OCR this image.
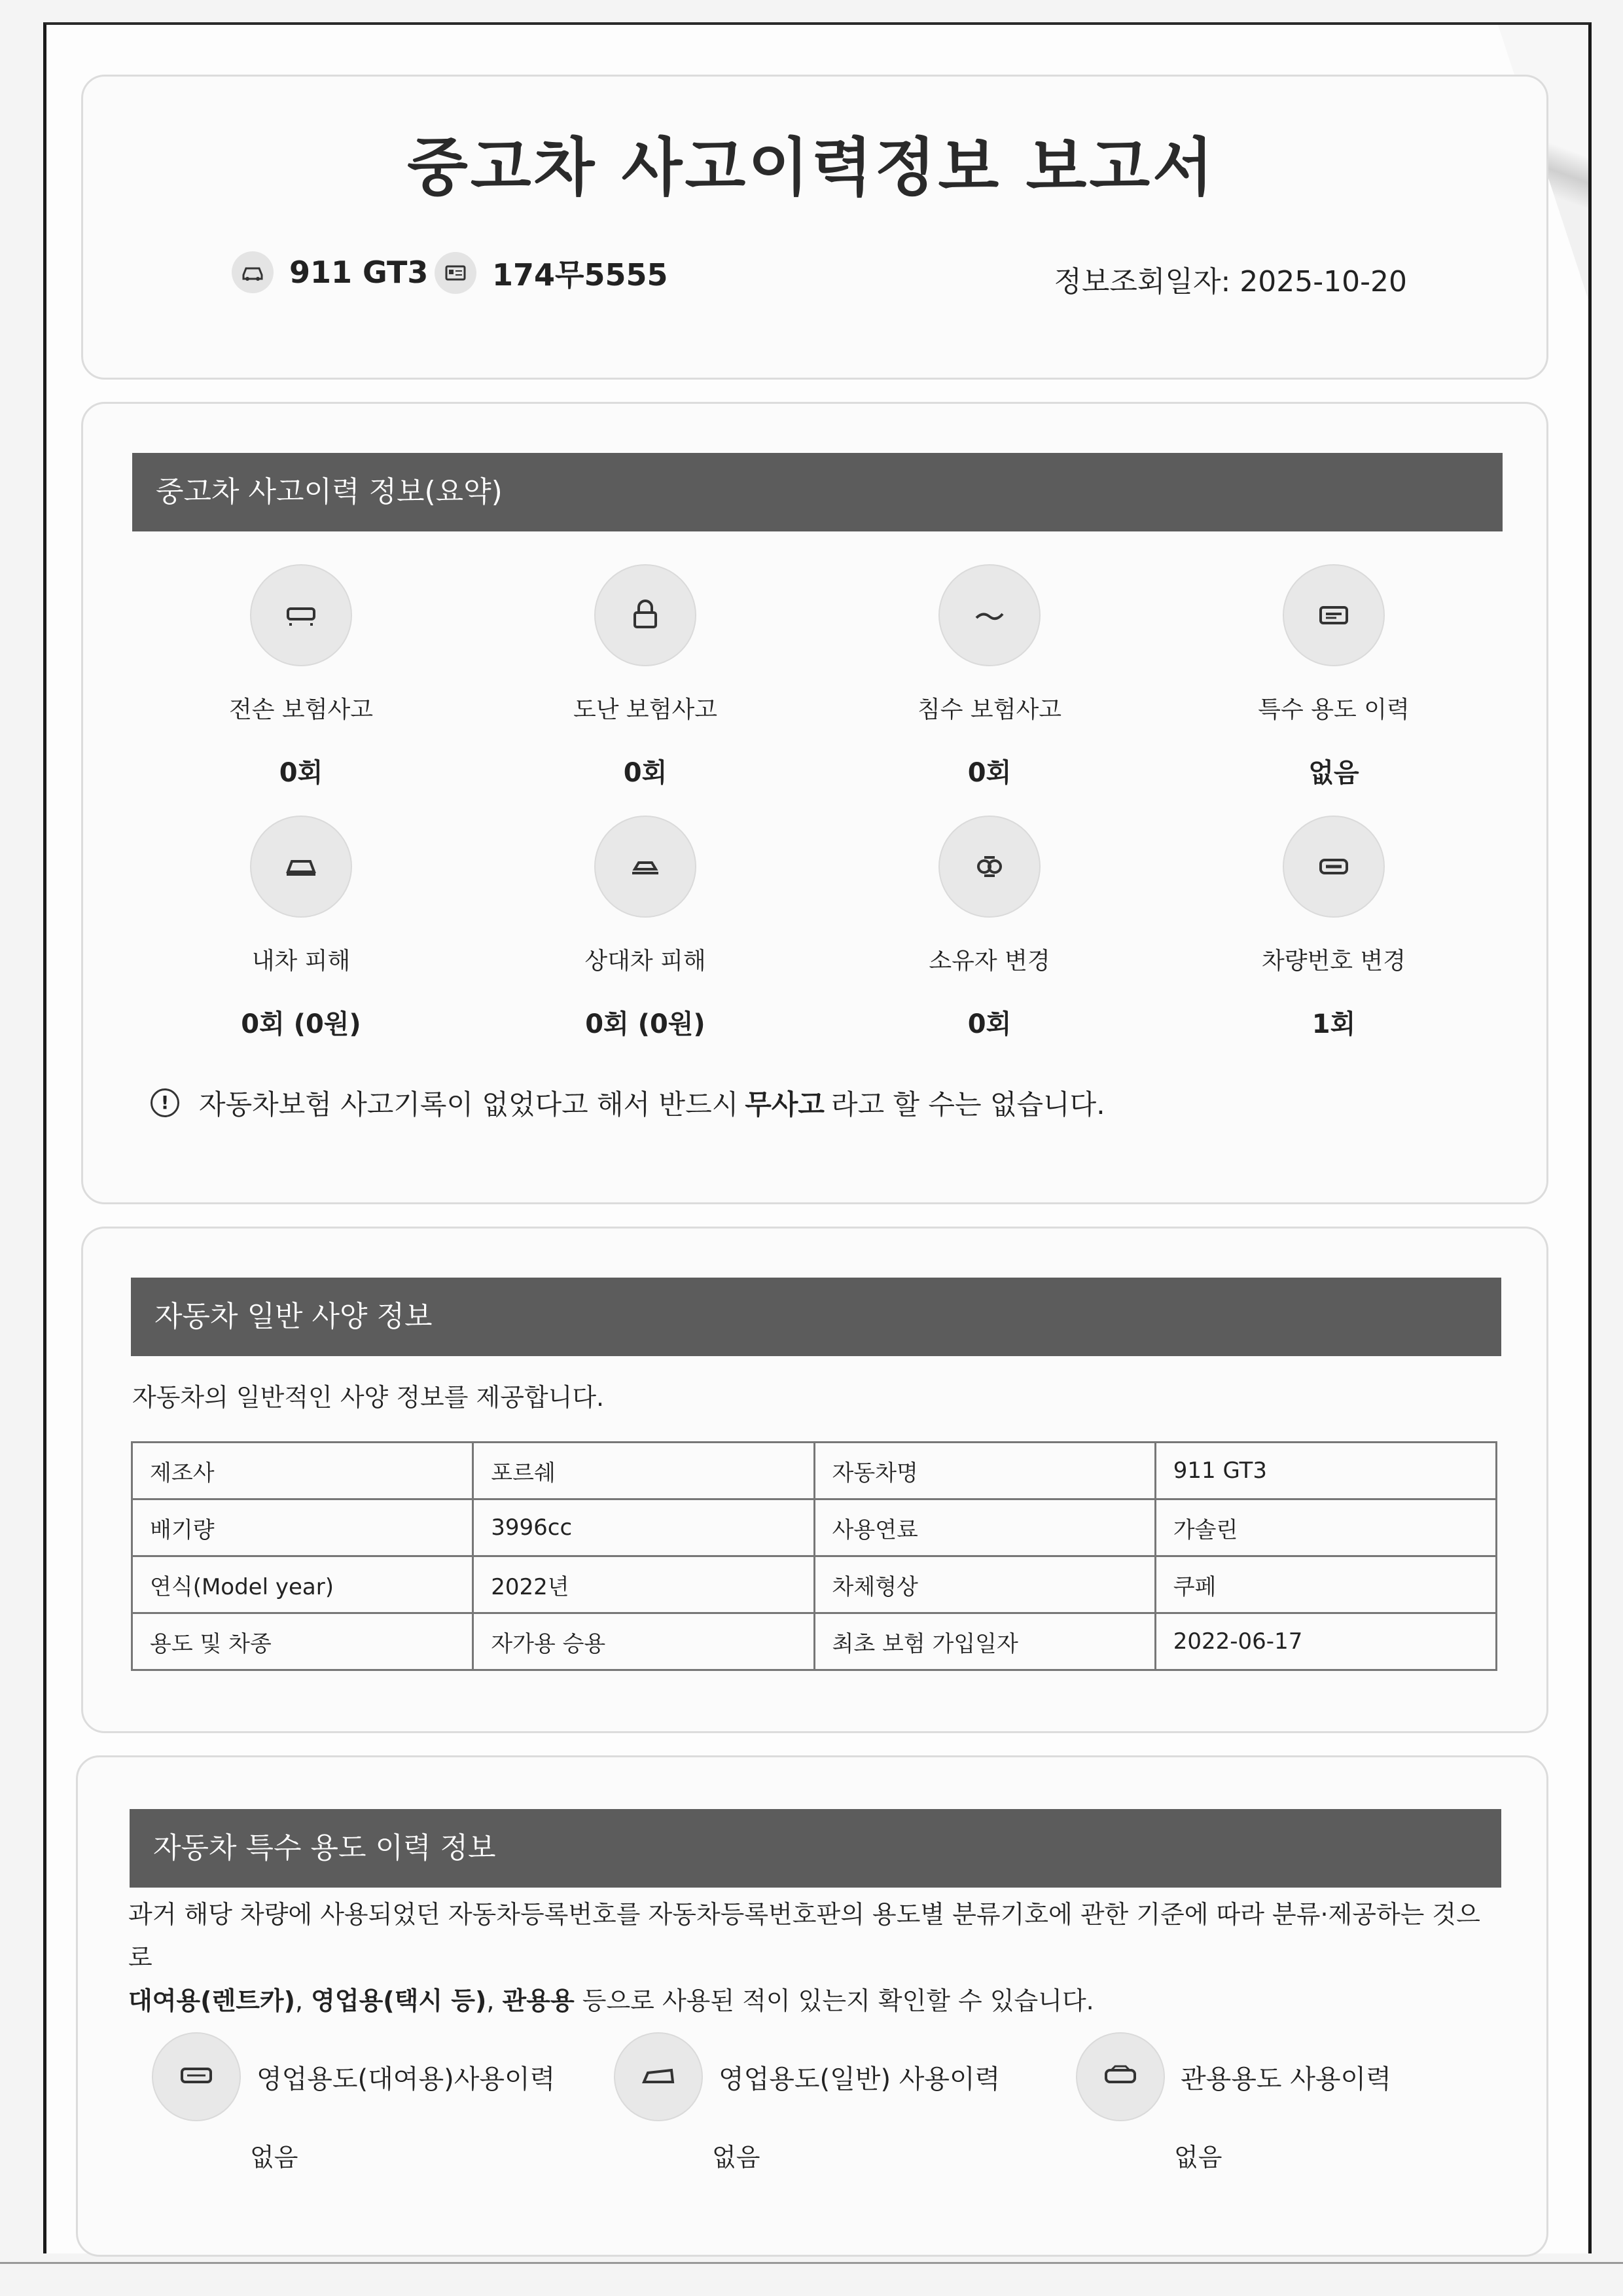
중고차 사고이력정보 보고서
911 GT3 174무5555	정보조회일자: 2025-10-20
중고차 사고이력 정보(요약)
전손 보험사고
0회
도난 보험사고
0회
침수 보험사고
0회
특수 용도 이력
없음
내차 피해
0회 (0원)
상대차 피해
0회 (0원)
소유자 변경
0회
차량번호 변경
1회
!	자동차보험 사고기록이 없었다고 해서 반드시 무사고 라고 할 수는 없습니다.
자동차 일반 사양 정보
자동차의 일반적인 사양 정보를 제공합니다.
제조사	포르쉐	자동차명	911 GT3
배기량	3996cc	사용연료	가솔린
연식(Model year)	2022년	차체형상	쿠페
용도 및 차종	자가용 승용	최초 보험 가입일자	2022-06-17
자동차 특수 용도 이력 정보
과거 해당 차량에 사용되었던 자동차등록번호를 자동차등록번호판의 용도별 분류기호에 관한 기준에 따라 분류·제공하는 것으로
대여용(렌트카), 영업용(택시 등), 관용용 등으로 사용된 적이 있는지 확인할 수 있습니다.
영업용도(대여용)사용이력
없음
영업용도(일반) 사용이력
없음
관용용도 사용이력
없음
